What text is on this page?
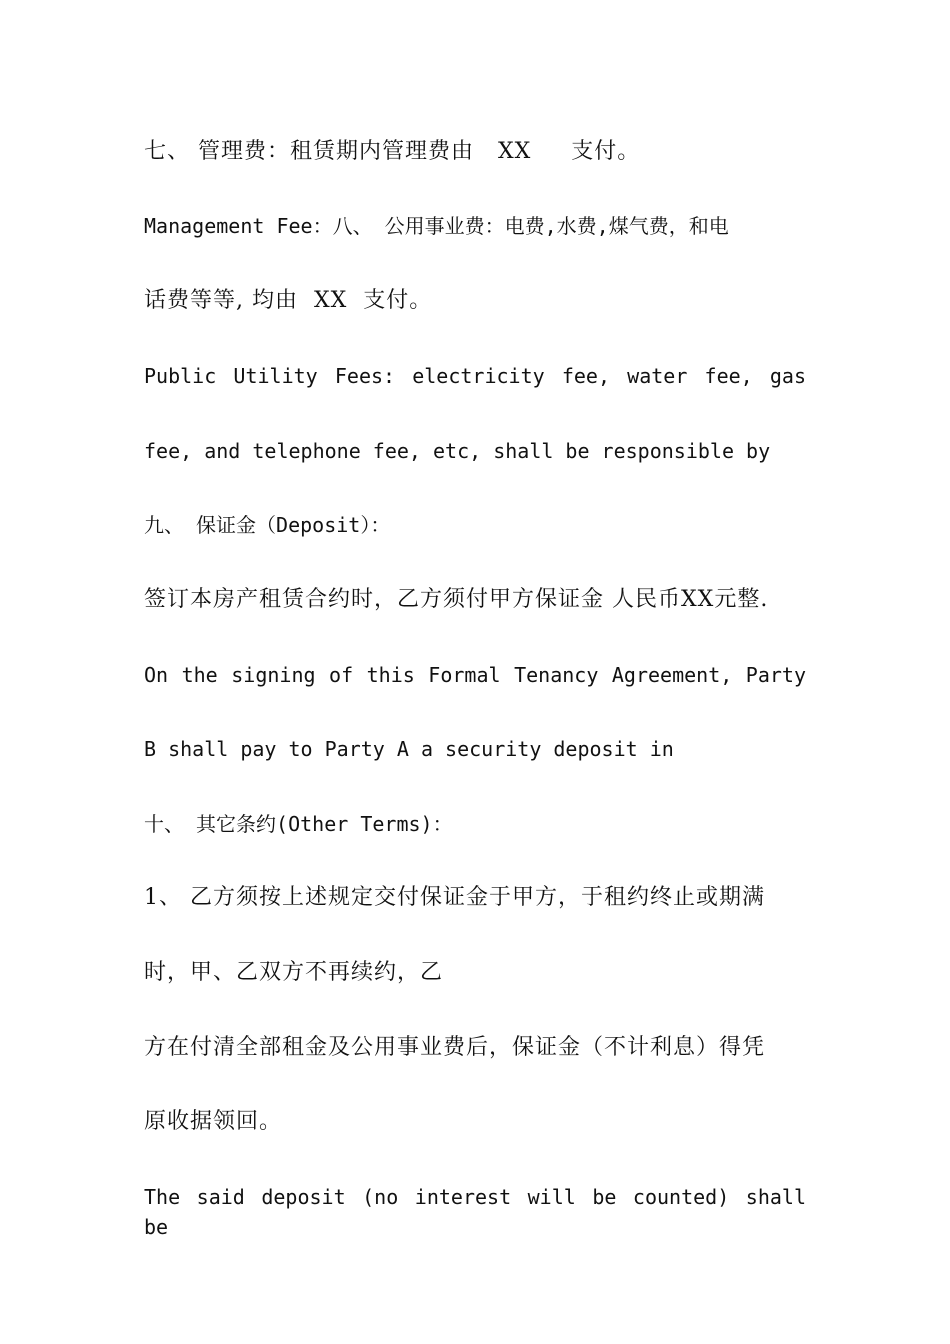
七、 管理费：租赁期内管理费由   XX     支付。
Management Fee：八、 公用事业费：电费,水费,煤气费，和电
话费等等, 均由  XX  支付。
Public Utility Fees: electricity fee, water fee, gas
fee, and telephone fee, etc, shall be responsible by
九、 保证金（Deposit）：
签订本房产租赁合约时，乙方须付甲方保证金 人民币XX元整.
On the signing of this Formal Tenancy Agreement, Party
B shall pay to Party A a security deposit in
十、 其它条约(Other Terms)：
1、 乙方须按上述规定交付保证金于甲方，于租约终止或期满
时，甲、乙双方不再续约，乙
方在付清全部租金及公用事业费后，保证金（不计利息）得凭
原收据领回。
The said deposit (no interest will be counted) shall be
